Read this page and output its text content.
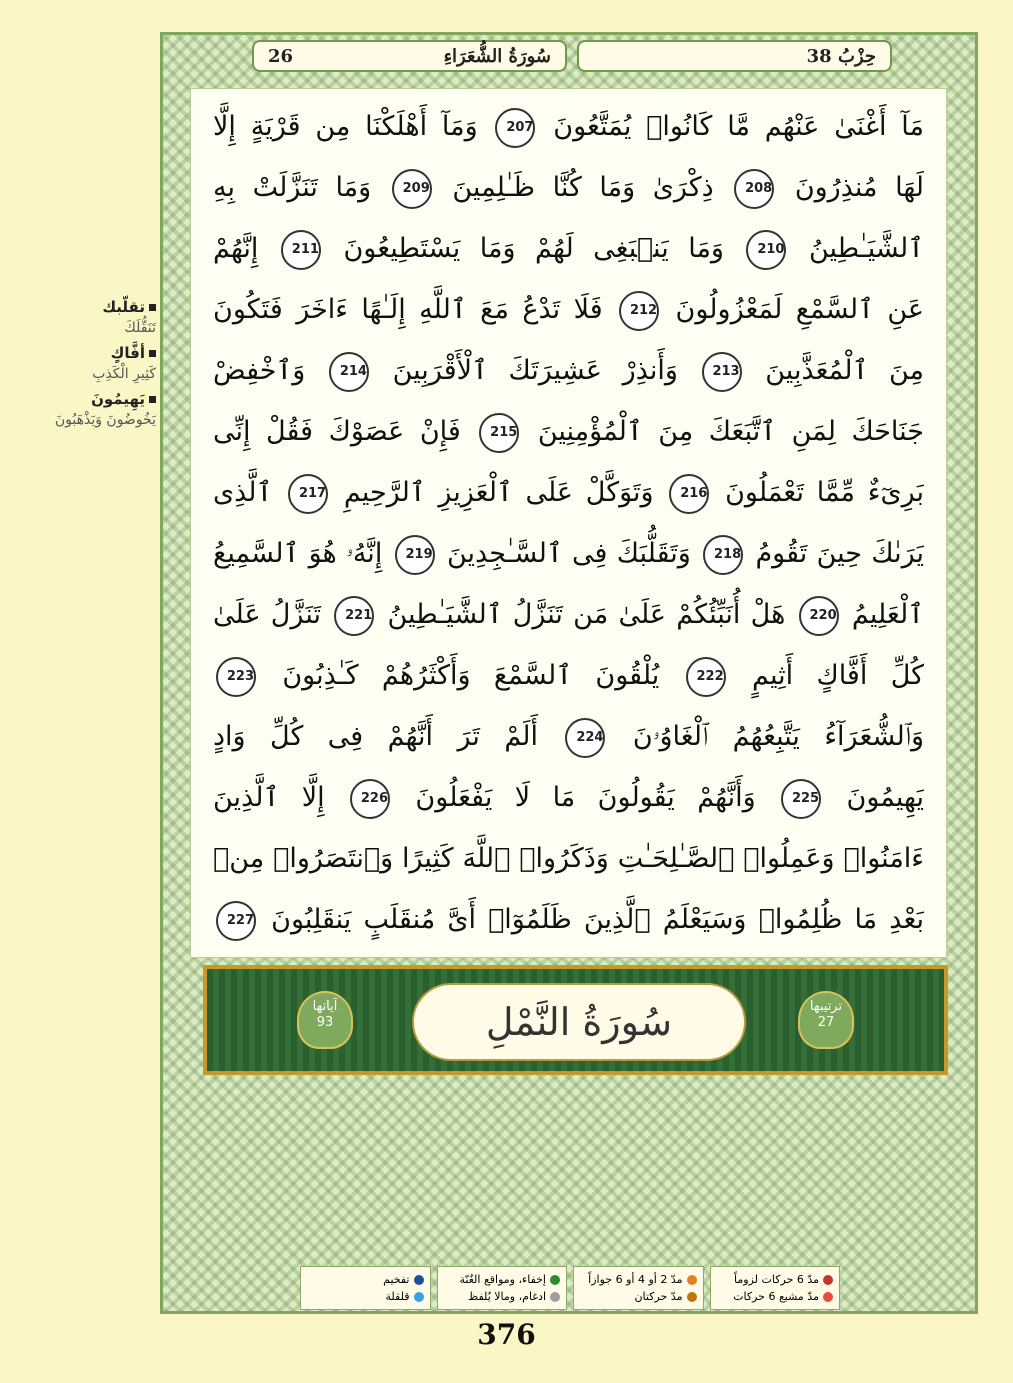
26	سُورَةُ الشُّعَرَاءِ	حِزْبُ 38
مَآ أَغْنَىٰ عَنْهُم مَّا كَانُوا۟ يُمَتَّعُونَ 207 وَمَآ أَهْلَكْنَا مِن قَرْيَةٍ إِلَّا
لَهَا مُنذِرُونَ 208 ذِكْرَىٰ وَمَا كُنَّا ظَـٰلِمِينَ 209 وَمَا تَنَزَّلَتْ بِهِ
ٱلشَّيَـٰطِينُ 210 وَمَا يَنۢبَغِى لَهُمْ وَمَا يَسْتَطِيعُونَ 211 إِنَّهُمْ
عَنِ ٱلسَّمْعِ لَمَعْزُولُونَ 212 فَلَا تَدْعُ مَعَ ٱللَّهِ إِلَـٰهًا ءَاخَرَ فَتَكُونَ
مِنَ ٱلْمُعَذَّبِينَ 213 وَأَنذِرْ عَشِيرَتَكَ ٱلْأَقْرَبِينَ 214 وَٱخْفِضْ
جَنَاحَكَ لِمَنِ ٱتَّبَعَكَ مِنَ ٱلْمُؤْمِنِينَ 215 فَإِنْ عَصَوْكَ فَقُلْ إِنِّى
بَرِىٓءٌ مِّمَّا تَعْمَلُونَ 216 وَتَوَكَّلْ عَلَى ٱلْعَزِيزِ ٱلرَّحِيمِ 217 ٱلَّذِى
يَرَىٰكَ حِينَ تَقُومُ 218 وَتَقَلُّبَكَ فِى ٱلسَّـٰجِدِينَ 219 إِنَّهُۥ هُوَ ٱلسَّمِيعُ
ٱلْعَلِيمُ 220 هَلْ أُنَبِّئُكُمْ عَلَىٰ مَن تَنَزَّلُ ٱلشَّيَـٰطِينُ 221 تَنَزَّلُ عَلَىٰ
كُلِّ أَفَّاكٍ أَثِيمٍ 222 يُلْقُونَ ٱلسَّمْعَ وَأَكْثَرُهُمْ كَـٰذِبُونَ 223
وَٱلشُّعَرَآءُ يَتَّبِعُهُمُ ٱلْغَاوُۥنَ 224 أَلَمْ تَرَ أَنَّهُمْ فِى كُلِّ وَادٍ
يَهِيمُونَ 225 وَأَنَّهُمْ يَقُولُونَ مَا لَا يَفْعَلُونَ 226 إِلَّا ٱلَّذِينَ
ءَامَنُوا۟ وَعَمِلُوا۟ ٱلصَّـٰلِحَـٰتِ وَذَكَرُوا۟ ٱللَّهَ كَثِيرًا وَٱنتَصَرُوا۟ مِنۢ
بَعْدِ مَا ظُلِمُوا۟ وَسَيَعْلَمُ ٱلَّذِينَ ظَلَمُوٓا۟ أَىَّ مُنقَلَبٍ يَنقَلِبُونَ 227
آياتها
93	سُورَةُ النَّمْلِ	ترتيبها
27
تقلّبك
تَنَقُّلَكَ
أفَّاكٍ
كَثِيرِ الْكَذِبِ
يَهِيمُونَ
يَخُوضُونَ وَيَذْهَبُونَ
مدّ 6 حركات لزوماً
مدّ مشبع 6 حركات
مدّ 2 أو 4 أو 6 جوازاً
مدّ حركتان
إخفاء، ومواقع الغُنّة
ادغام، ومالا يُلفظ
تفخيم
قلقلة
376
